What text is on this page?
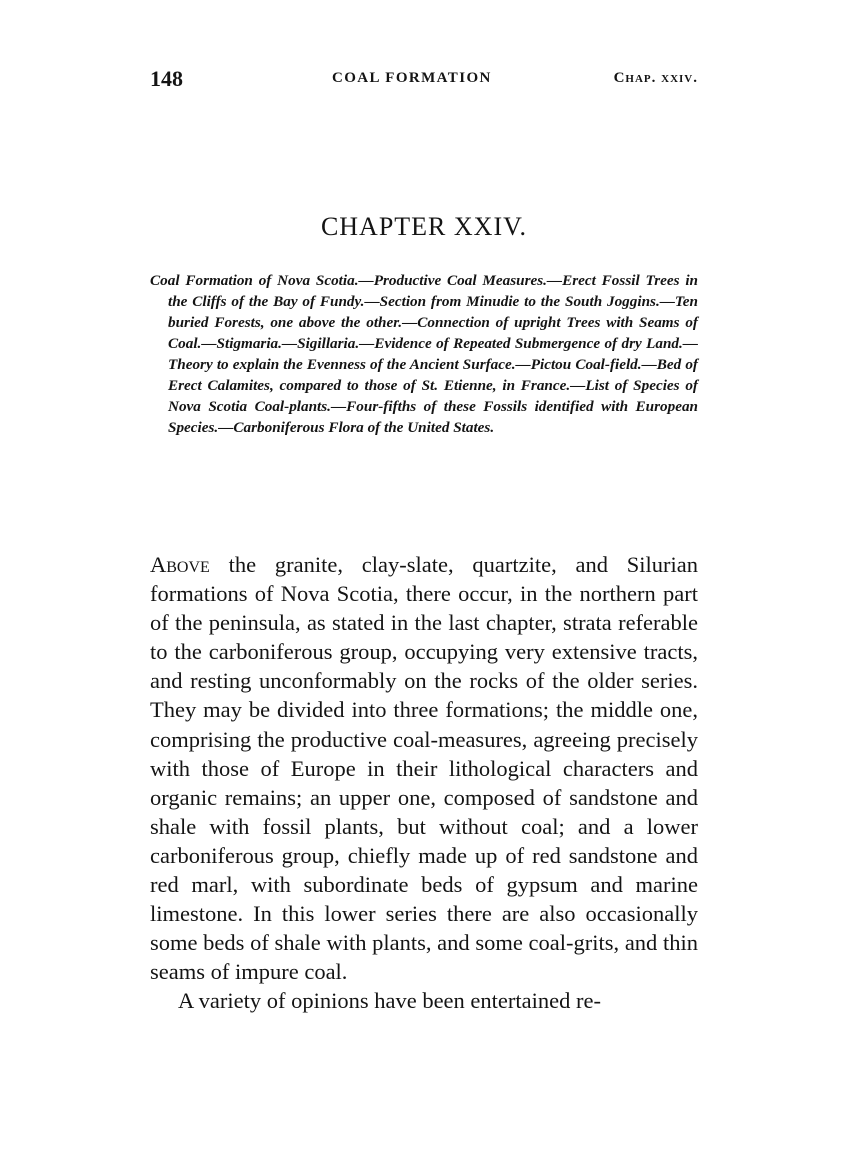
148	COAL FORMATION	Chap. xxiv.
CHAPTER XXIV.
Coal Formation of Nova Scotia.—Productive Coal Measures.—Erect Fossil Trees in the Cliffs of the Bay of Fundy.—Section from Minudie to the South Joggins.—Ten buried Forests, one above the other.—Connection of upright Trees with Seams of Coal.—Stigmaria.—Sigillaria.—Evidence of Repeated Submergence of dry Land.—Theory to explain the Evenness of the Ancient Surface.—Pictou Coal-field.—Bed of Erect Calamites, compared to those of St. Etienne, in France.—List of Species of Nova Scotia Coal-plants.—Four-fifths of these Fossils identified with European Species.—Carboniferous Flora of the United States.

Above the granite, clay-slate, quartzite, and Silurian formations of Nova Scotia, there occur, in the northern part of the peninsula, as stated in the last chapter, strata referable to the carboniferous group, occupying very extensive tracts, and resting unconformably on the rocks of the older series. They may be divided into three formations; the middle one, comprising the productive coal-measures, agreeing precisely with those of Europe in their lithological characters and organic remains; an upper one, composed of sandstone and shale with fossil plants, but without coal; and a lower carboniferous group, chiefly made up of red sandstone and red marl, with subordinate beds of gypsum and marine limestone. In this lower series there are also occasionally some beds of shale with plants, and some coal-grits, and thin seams of impure coal.

A variety of opinions have been entertained re-
